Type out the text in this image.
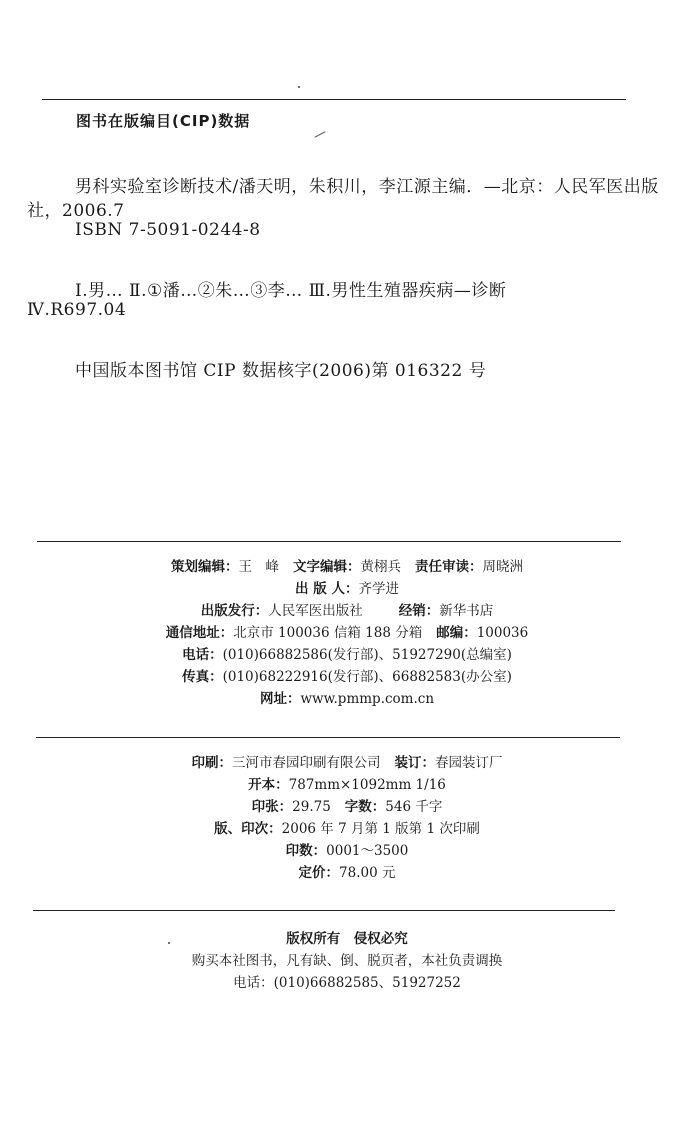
图书在版编目(CIP)数据
男科实验室诊断技术/潘天明，朱积川，李江源主编．—北京：人民军医出版
社，2006.7
ISBN 7-5091-0244-8
Ⅰ.男… Ⅱ.①潘…②朱…③李… Ⅲ.男性生殖器疾病—诊断
Ⅳ.R697.04
中国版本图书馆 CIP 数据核字(2006)第 016322 号
策划编辑：王　峰 文字编辑：黄栩兵 责任审读：周晓洲
出 版 人：齐学进
出版发行：人民军医出版社	经销：新华书店
通信地址：北京市 100036 信箱 188 分箱 邮编：100036
电话：(010)66882586(发行部)、51927290(总编室)
传真：(010)68222916(发行部)、66882583(办公室)
网址：www.pmmp.com.cn
印刷：三河市春园印刷有限公司 装订：春园装订厂
开本：787mm×1092mm 1/16
印张：29.75 字数：546 千字
版、印次：2006 年 7 月第 1 版第 1 次印刷
印数：0001～3500
定价：78.00 元
版权所有　侵权必究
购买本社图书，凡有缺、倒、脱页者，本社负责调换
电话：(010)66882585、51927252
